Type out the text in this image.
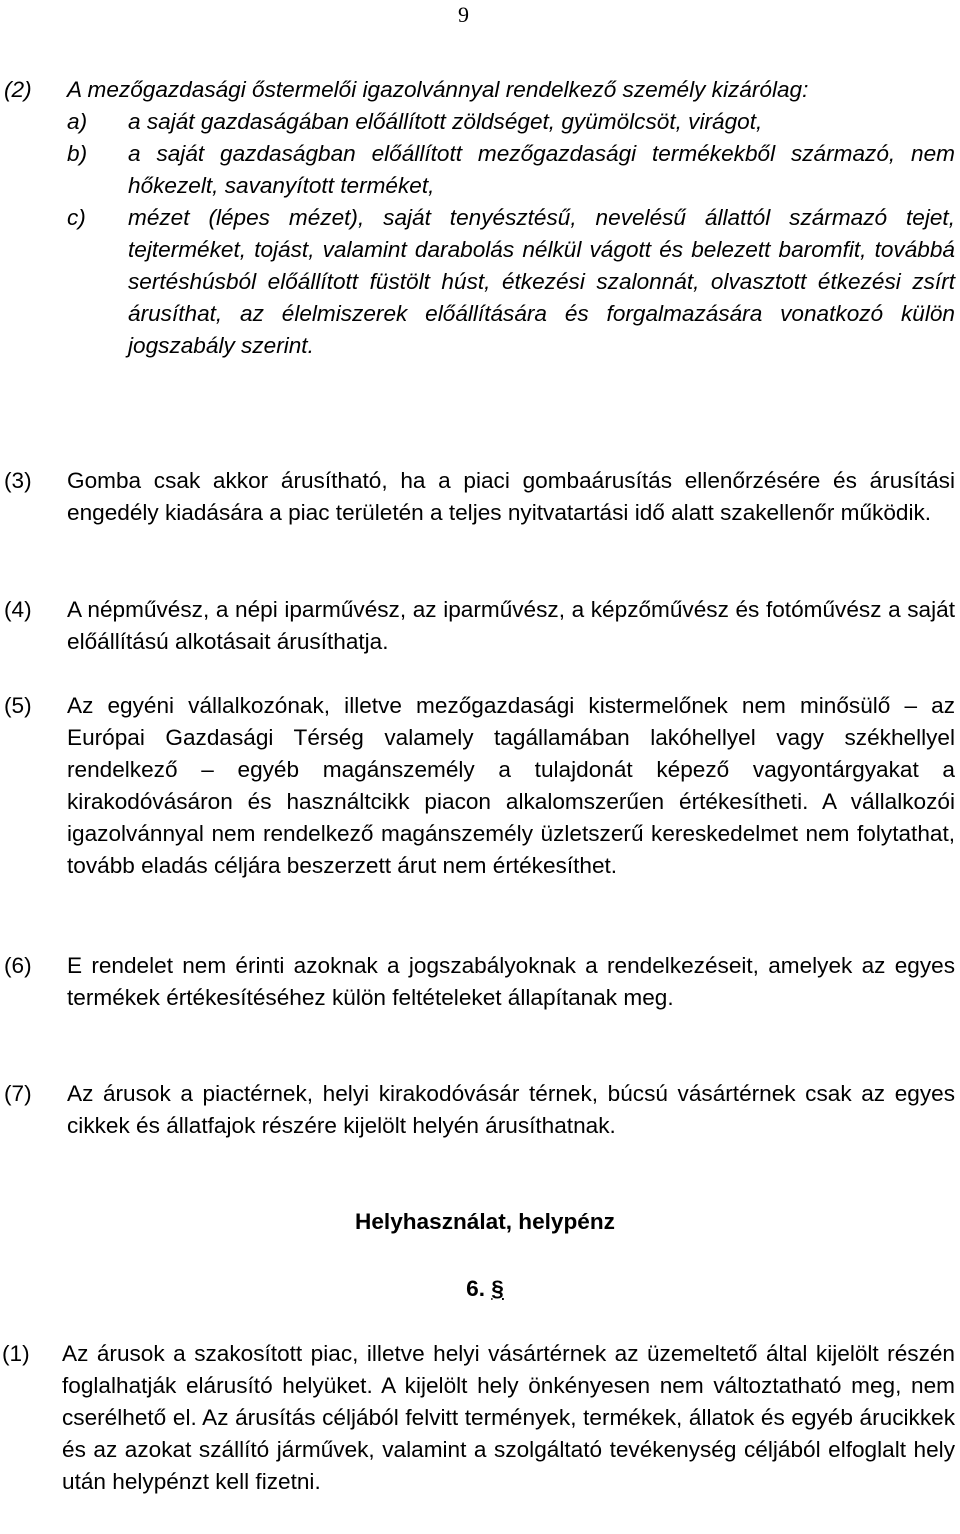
9
(2) A mezőgazdasági őstermelői igazolvánnyal rendelkező személy kizárólag:
a) a saját gazdaságában előállított zöldséget, gyümölcsöt, virágot,
b) a saját gazdaságban előállított mezőgazdasági termékekből származó, nem hőkezelt, savanyított terméket,
c) mézet (lépes mézet), saját tenyésztésű, nevelésű állattól származó tejet, tejterméket, tojást, valamint darabolás nélkül vágott és belezett baromfit, továbbá sertéshúsból előállított füstölt húst, étkezési szalonnát, olvasztott étkezési zsírt árusíthat, az élelmiszerek előállítására és forgalmazására vonatkozó külön jogszabály szerint.
(3) Gomba csak akkor árusítható, ha a piaci gombaárusítás ellenőrzésére és árusítási engedély kiadására a piac területén a teljes nyitvatartási idő alatt szakellenőr működik.
(4) A népművész, a népi iparművész, az iparművész, a képzőművész és fotóművész a saját előállítású alkotásait árusíthatja.
(5) Az egyéni vállalkozónak, illetve mezőgazdasági kistermelőnek nem minősülő – az Európai Gazdasági Térség valamely tagállamában lakóhellyel vagy székhellyel rendelkező – egyéb magánszemély a tulajdonát képező vagyontárgyakat a kirakodóvásáron és használtcikk piacon alkalomszerűen értékesítheti. A vállalkozói igazolvánnyal nem rendelkező magánszemély üzletszerű kereskedelmet nem folytathat, tovább eladás céljára beszerzett árut nem értékesíthet.
(6) E rendelet nem érinti azoknak a jogszabályoknak a rendelkezéseit, amelyek az egyes termékek értékesítéséhez külön feltételeket állapítanak meg.
(7) Az árusok a piactérnek, helyi kirakodóvásár térnek, búcsú vásártérnek csak az egyes cikkek és állatfajok részére kijelölt helyén árusíthatnak.
Helyhasználat, helypénz
6. §
(1) Az árusok a szakosított piac, illetve helyi vásártérnek az üzemeltető által kijelölt részén foglalhatják elárusító helyüket. A kijelölt hely önkényesen nem változtatható meg, nem cserélhető el. Az árusítás céljából felvitt termények, termékek, állatok és egyéb árucikkek és az azokat szállító járművek, valamint a szolgáltató tevékenység céljából elfoglalt hely után helypénzt kell fizetni.
